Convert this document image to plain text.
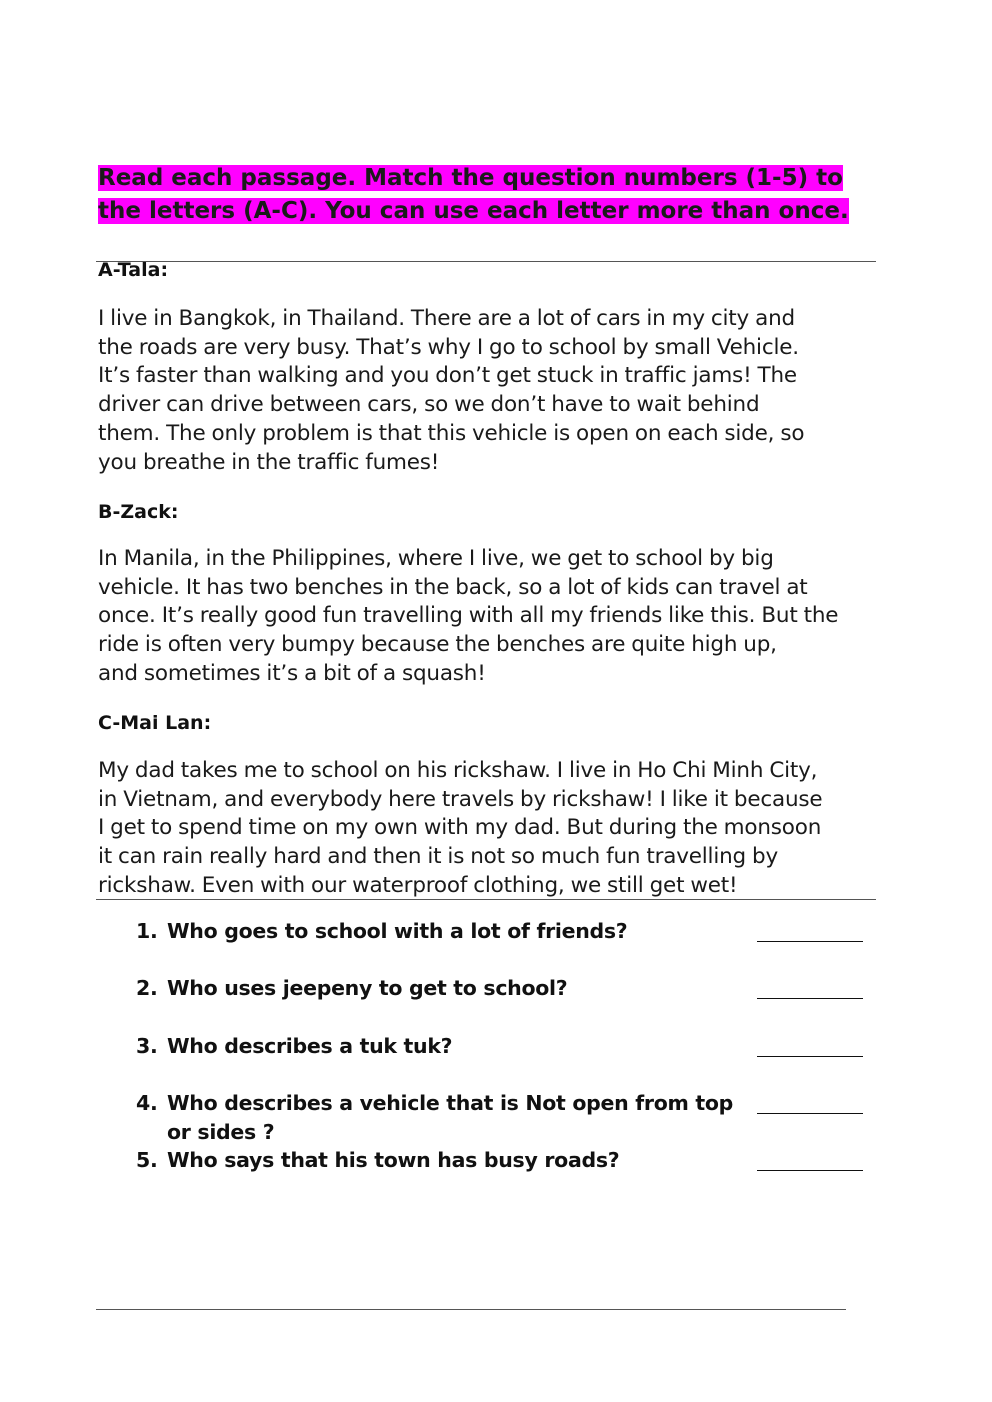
Read each passage. Match the question numbers (1-5) to
the letters (A-C). You can use each letter more than once.

A-Tala:

I live in Bangkok, in Thailand. There are a lot of cars in my city and
the roads are very busy. That’s why I go to school by small Vehicle.
It’s faster than walking and you don’t get stuck in traffic jams! The
driver can drive between cars, so we don’t have to wait behind
them. The only problem is that this vehicle is open on each side, so
you breathe in the traffic fumes!

B-Zack:

In Manila, in the Philippines, where I live, we get to school by big
vehicle. It has two benches in the back, so a lot of kids can travel at
once. It’s really good fun travelling with all my friends like this. But the
ride is often very bumpy because the benches are quite high up,
and sometimes it’s a bit of a squash!

C-Mai Lan:

My dad takes me to school on his rickshaw. I live in Ho Chi Minh City,
in Vietnam, and everybody here travels by rickshaw! I like it because
I get to spend time on my own with my dad. But during the monsoon
it can rain really hard and then it is not so much fun travelling by
rickshaw. Even with our waterproof clothing, we still get wet!

1. Who goes to school with a lot of friends?
2. Who uses jeepeny to get to school?
3. Who describes a tuk tuk?
4. Who describes a vehicle that is Not open from top or sides ?
5. Who says that his town has busy roads?
